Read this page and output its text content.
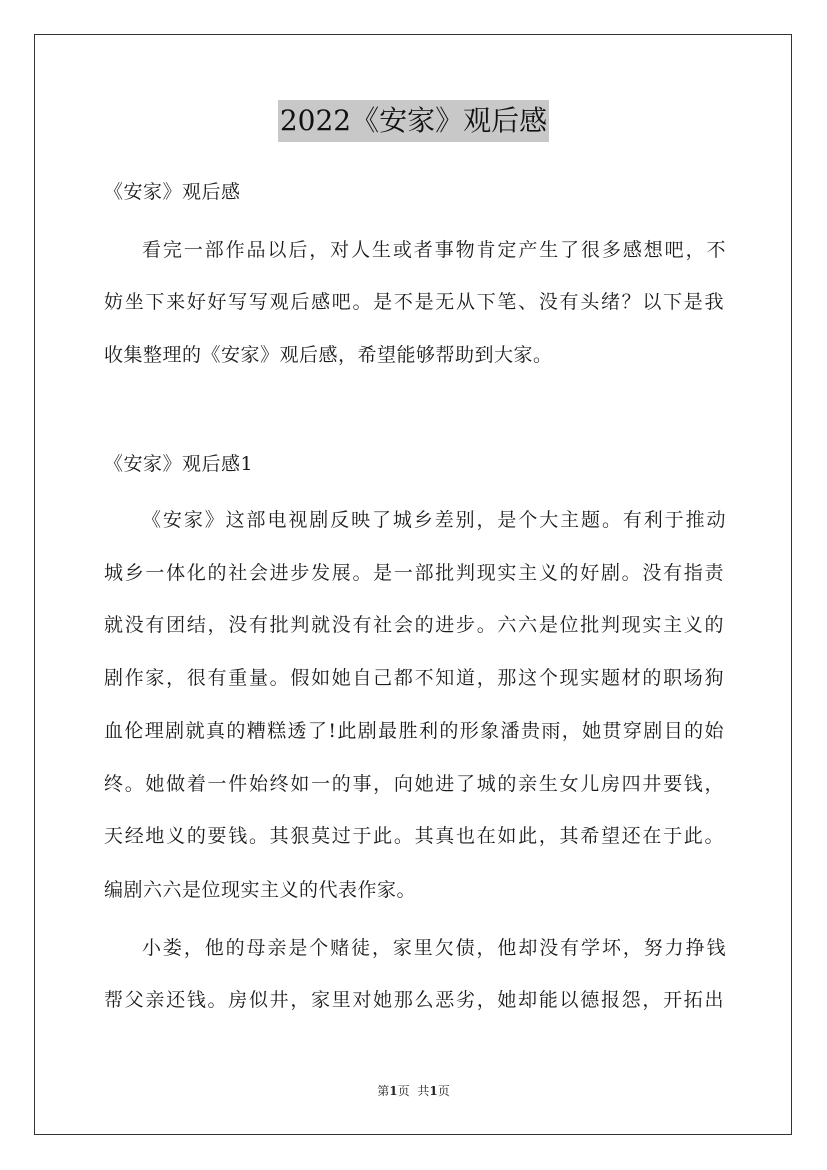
2022《安家》观后感
《安家》观后感
看完一部作品以后，对人生或者事物肯定产生了很多感想吧，不
妨坐下来好好写写观后感吧。是不是无从下笔、没有头绪？以下是我
收集整理的《安家》观后感，希望能够帮助到大家。
《安家》观后感1
《安家》这部电视剧反映了城乡差别，是个大主题。有利于推动
城乡一体化的社会进步发展。是一部批判现实主义的好剧。没有指责
就没有团结，没有批判就没有社会的进步。六六是位批判现实主义的
剧作家，很有重量。假如她自己都不知道，那这个现实题材的职场狗
血伦理剧就真的糟糕透了!此剧最胜利的形象潘贵雨，她贯穿剧目的始
终。她做着一件始终如一的事，向她进了城的亲生女儿房四井要钱，
天经地义的要钱。其狠莫过于此。其真也在如此，其希望还在于此。
编剧六六是位现实主义的代表作家。
小娄，他的母亲是个赌徒，家里欠债，他却没有学坏，努力挣钱
帮父亲还钱。房似井，家里对她那么恶劣，她却能以德报怨，开拓出
第1页 共1页
